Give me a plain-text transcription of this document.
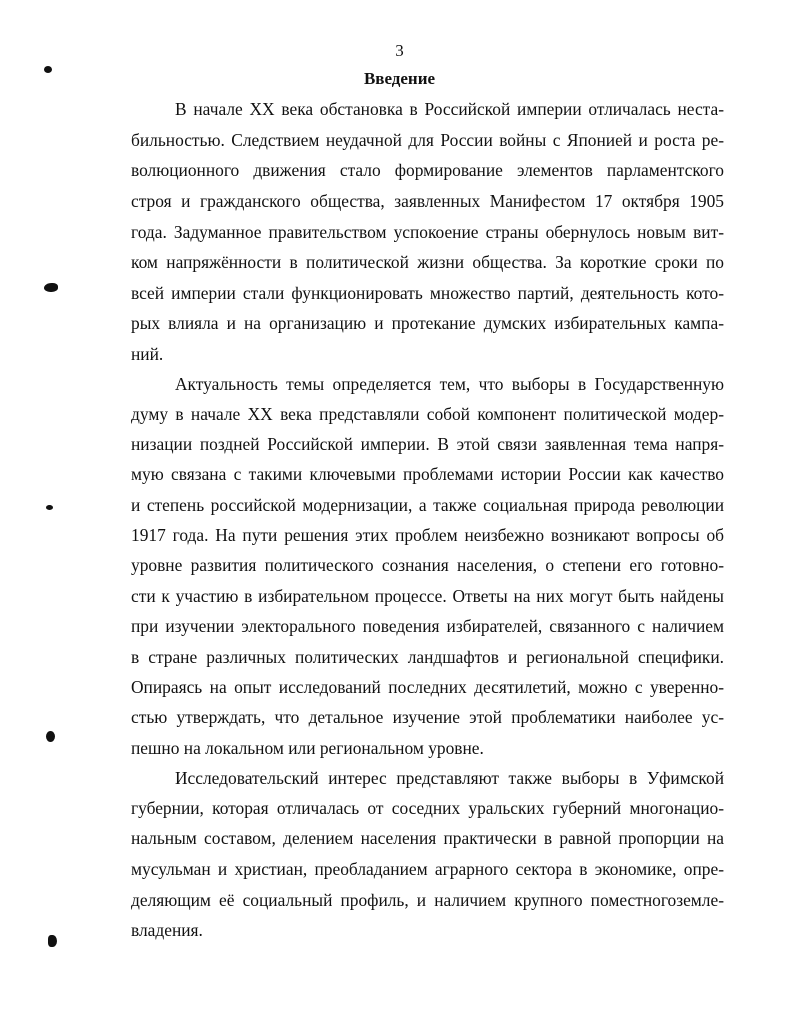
3
Введение
В начале XX века обстановка в Российской империи отличалась неста-
бильностью. Следствием неудачной для России войны с Японией и роста ре-
волюционного движения стало формирование элементов парламентского
строя и гражданского общества, заявленных Манифестом 17 октября 1905
года. Задуманное правительством успокоение страны обернулось новым вит-
ком напряжённости в политической жизни общества. За короткие сроки по
всей империи стали функционировать множество партий, деятельность кото-
рых влияла и на организацию и протекание думских избирательных кампа-
ний.
Актуальность темы определяется тем, что выборы в Государственную
думу в начале XX века представляли собой компонент политической модер-
низации поздней Российской империи. В этой связи заявленная тема напря-
мую связана с такими ключевыми проблемами истории России как качество
и степень российской модернизации, а также социальная природа революции
1917 года. На пути решения этих проблем неизбежно возникают вопросы об
уровне развития политического сознания населения, о степени его готовно-
сти к участию в избирательном процессе. Ответы на них могут быть найдены
при изучении электорального поведения избирателей, связанного с наличием
в стране различных политических ландшафтов и региональной специфики.
Опираясь на опыт исследований последних десятилетий, можно с уверенно-
стью утверждать, что детальное изучение этой проблематики наиболее ус-
пешно на локальном или региональном уровне.
Исследовательский интерес представляют также выборы в Уфимской
губернии, которая отличалась от соседних уральских губерний многонацио-
нальным составом, делением населения практически в равной пропорции на
мусульман и христиан, преобладанием аграрного сектора в экономике, опре-
деляющим её социальный профиль, и наличием крупного поместногоземле-
владения.
